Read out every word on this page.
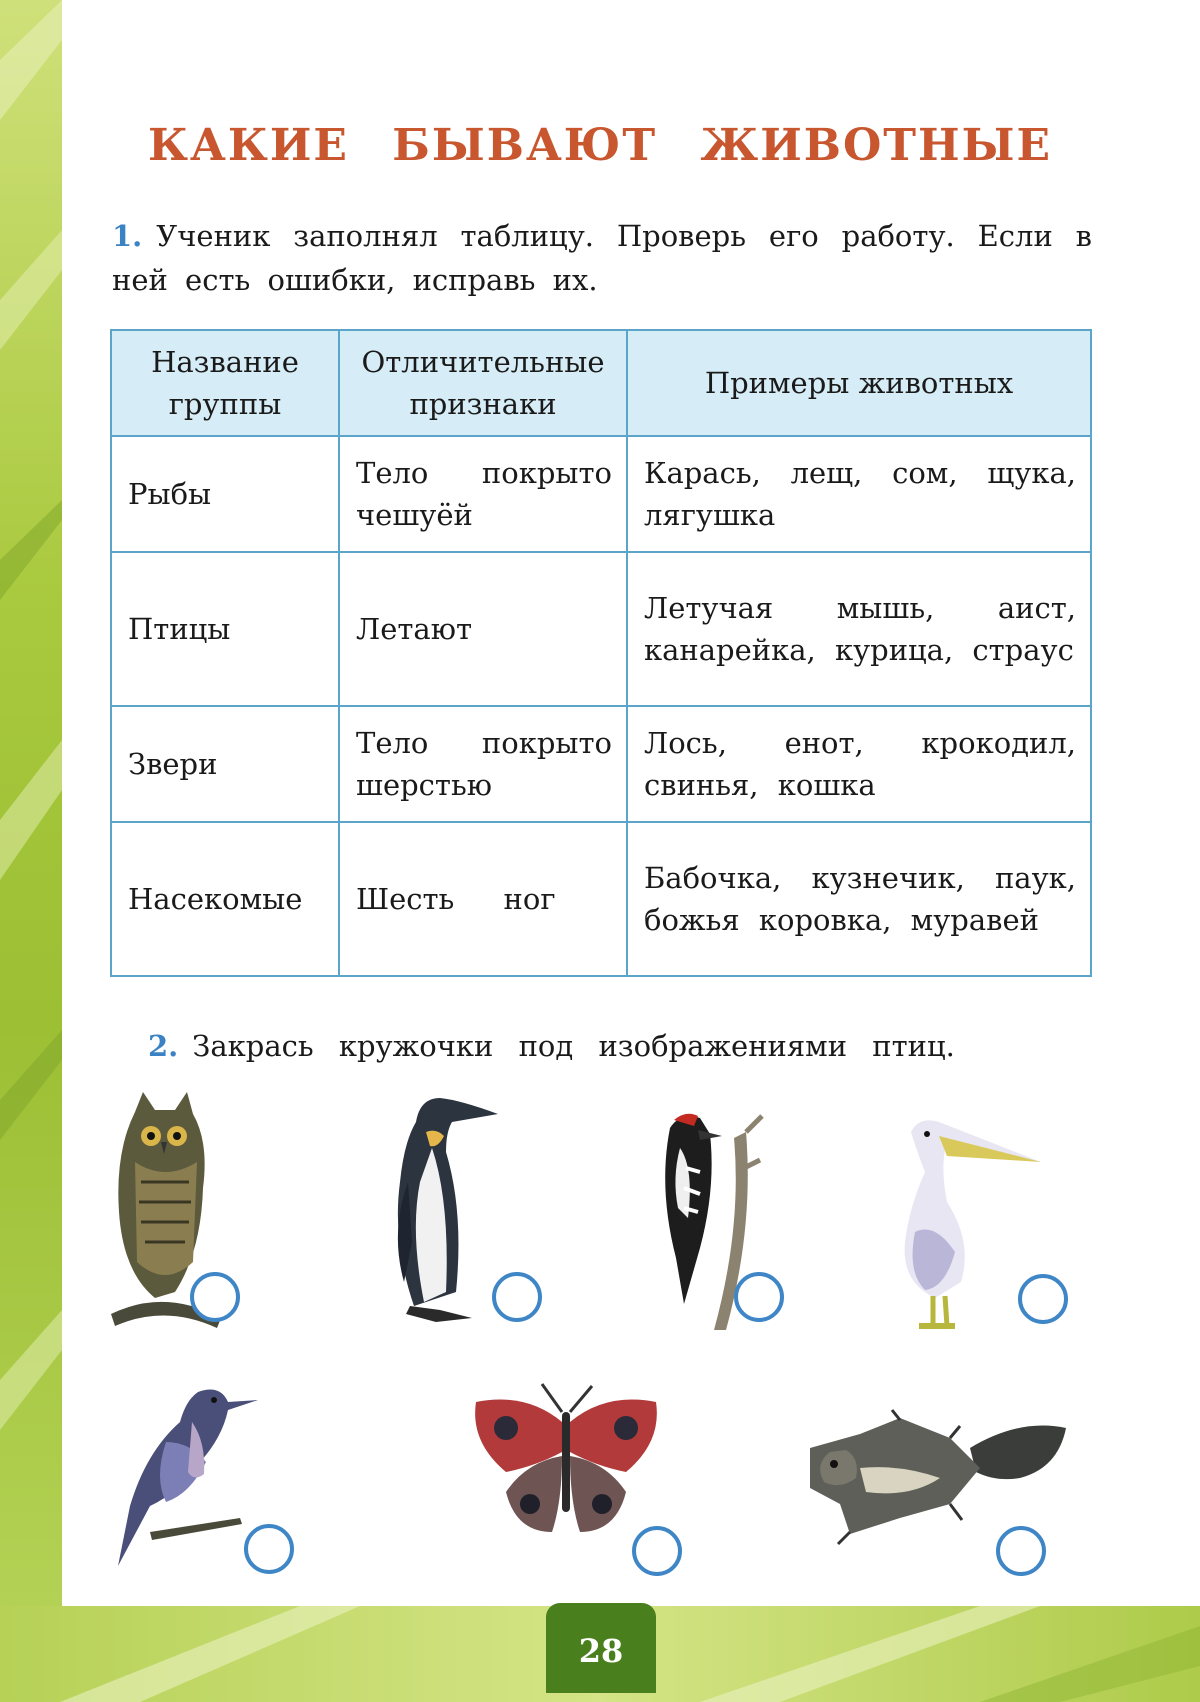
КАКИЕ БЫВАЮТ ЖИВОТНЫЕ
1. Ученик заполнял таблицу. Проверь его работу. Если в ней есть ошибки, исправь их.
Название группы	Отличительные признаки	Примеры животных
Рыбы	Тело покрыто чешуёй	Карась, лещ, сом, щука, лягушка
Птицы	Летают	Летучая мышь, аист, канарейка, курица, страус
Звери	Тело покрыто шерстью	Лось, енот, крокодил, свинья, кошка
Насекомые	Шесть ног	Бабочка, кузнечик, паук, божья коровка, муравей
2. Закрась кружочки под изображениями птиц.
28
